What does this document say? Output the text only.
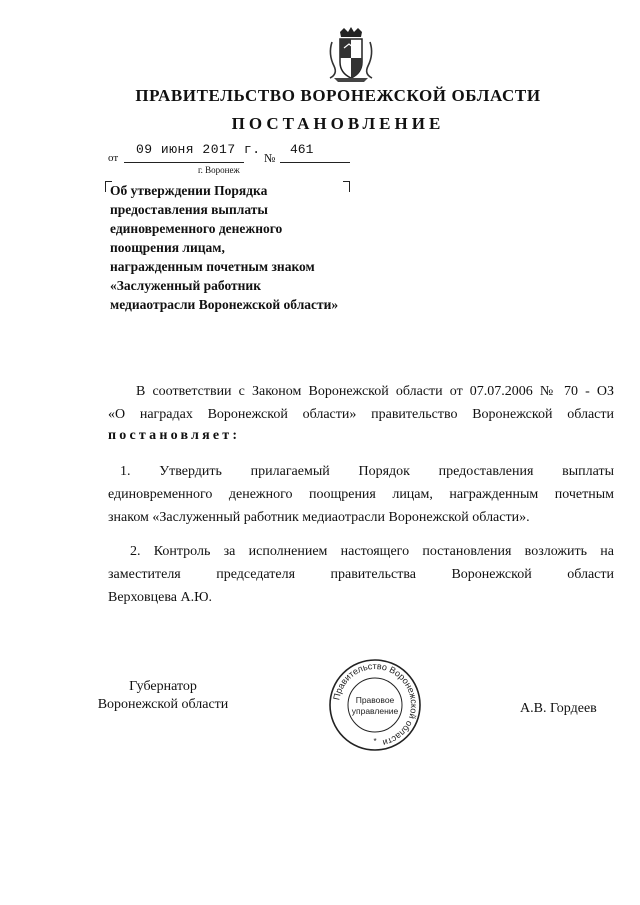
ПРАВИТЕЛЬСТВО ВОРОНЕЖСКОЙ ОБЛАСТИ
ПОСТАНОВЛЕНИЕ
от
09 июня 2017 г.
№
461
г. Воронеж
Об утверждении Порядка
предоставления выплаты
единовременного денежного
поощрения лицам,
награжденным почетным знаком
«Заслуженный работник
медиаотрасли Воронежской области»
В соответствии с Законом Воронежской области от 07.07.2006 № 70 - ОЗ
«О наградах Воронежской области» правительство Воронежской области
постановляет:
1. Утвердить прилагаемый Порядок предоставления выплаты
единовременного денежного поощрения лицам, награжденным почетным
знаком «Заслуженный работник медиаотрасли Воронежской области».
2. Контроль за исполнением настоящего постановления возложить на
заместителя председателя правительства Воронежской области
Верховцева А.Ю.
Губернатор
Воронежской области
Правительство Воронежской области
Правовое
управление
*
А.В. Гордеев
